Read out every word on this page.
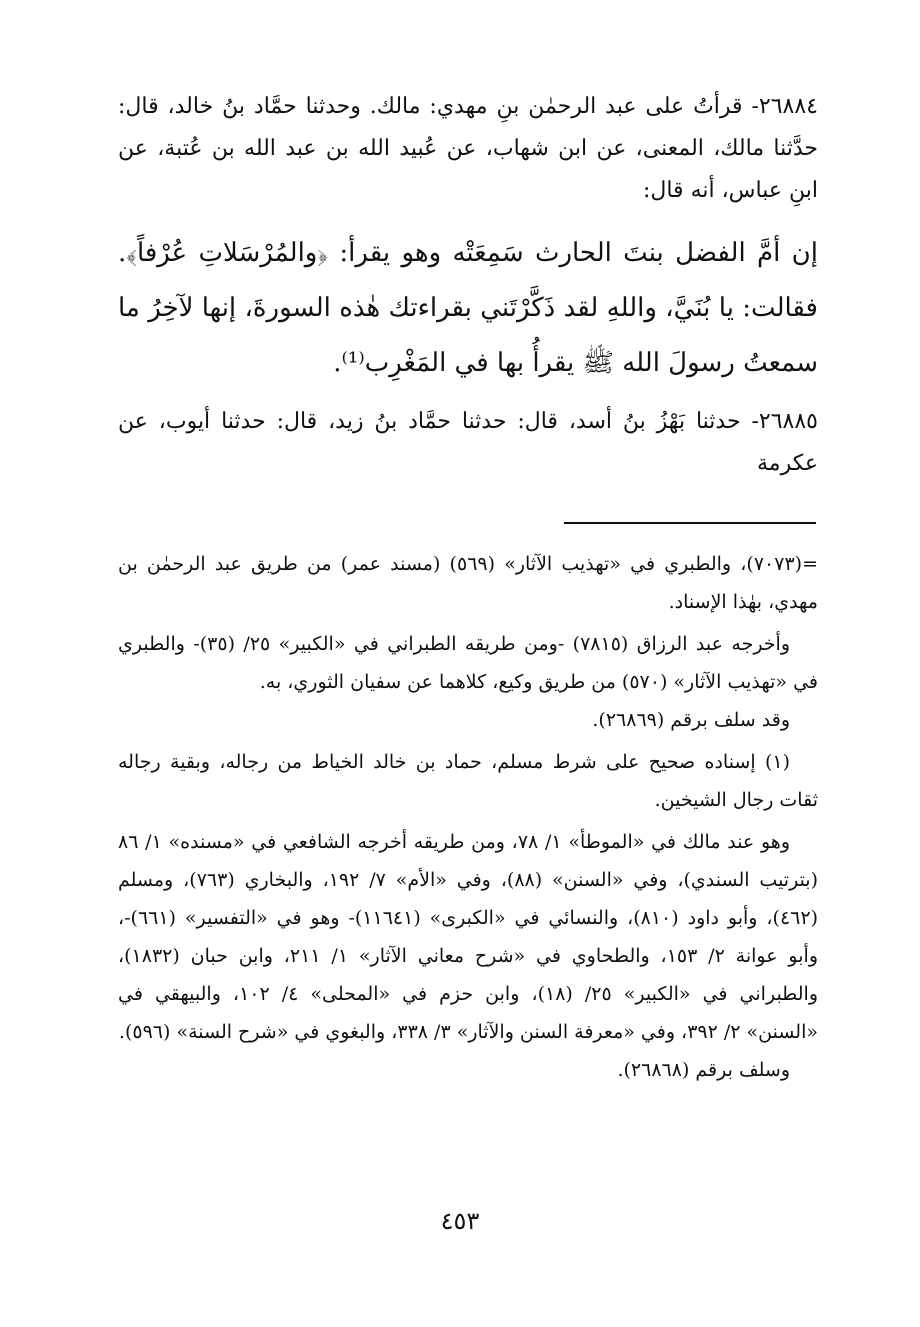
٢٦٨٨٤- قرأتُ على عبد الرحمٰن بنِ مهدي: مالك. وحدثنا حمَّاد بنُ خالد، قال: حدَّثنا مالك، المعنى، عن ابن شهاب، عن عُبيد الله بن عبد الله بن عُتبة، عن ابنِ عباس، أنه قال:

إن أمَّ الفضل بنتَ الحارث سَمِعَتْه وهو يقرأ: ﴿والمُرْسَلاتِ عُرْفاً﴾. فقالت: يا بُنَيَّ، واللهِ لقد ذَكَّرْتَني بقراءتك هٰذه السورةَ، إنها لآخِرُ ما سمعتُ رسولَ الله ﷺ يقرأُ بها في المَغْرِب⁽¹⁾.

٢٦٨٨٥- حدثنا بَهْزُ بنُ أسد، قال: حدثنا حمَّاد بنُ زيد، قال: حدثنا أيوب، عن عكرمة

=(٧٠٧٣)، والطبري في «تهذيب الآثار» (٥٦٩) (مسند عمر) من طريق عبد الرحمٰن بن مهدي، بهٰذا الإسناد.

وأخرجه عبد الرزاق (٧٨١٥) -ومن طريقه الطبراني في «الكبير» ٢٥/ (٣٥)- والطبري في «تهذيب الآثار» (٥٧٠) من طريق وكيع، كلاهما عن سفيان الثوري، به.

وقد سلف برقم (٢٦٨٦٩).

(١) إسناده صحيح على شرط مسلم، حماد بن خالد الخياط من رجاله، وبقية رجاله ثقات رجال الشيخين.

وهو عند مالك في «الموطأ» ١/ ٧٨، ومن طريقه أخرجه الشافعي في «مسنده» ١/ ٨٦ (بترتيب السندي)، وفي «السنن» (٨٨)، وفي «الأم» ٧/ ١٩٢، والبخاري (٧٦٣)، ومسلم (٤٦٢)، وأبو داود (٨١٠)، والنسائي في «الكبرى» (١١٦٤١)- وهو في «التفسير» (٦٦١)-، وأبو عوانة ٢/ ١٥٣، والطحاوي في «شرح معاني الآثار» ١/ ٢١١، وابن حبان (١٨٣٢)، والطبراني في «الكبير» ٢٥/ (١٨)، وابن حزم في «المحلى» ٤/ ١٠٢، والبيهقي في «السنن» ٢/ ٣٩٢، وفي «معرفة السنن والآثار» ٣/ ٣٣٨، والبغوي في «شرح السنة» (٥٩٦).

وسلف برقم (٢٦٨٦٨).

٤٥٣
